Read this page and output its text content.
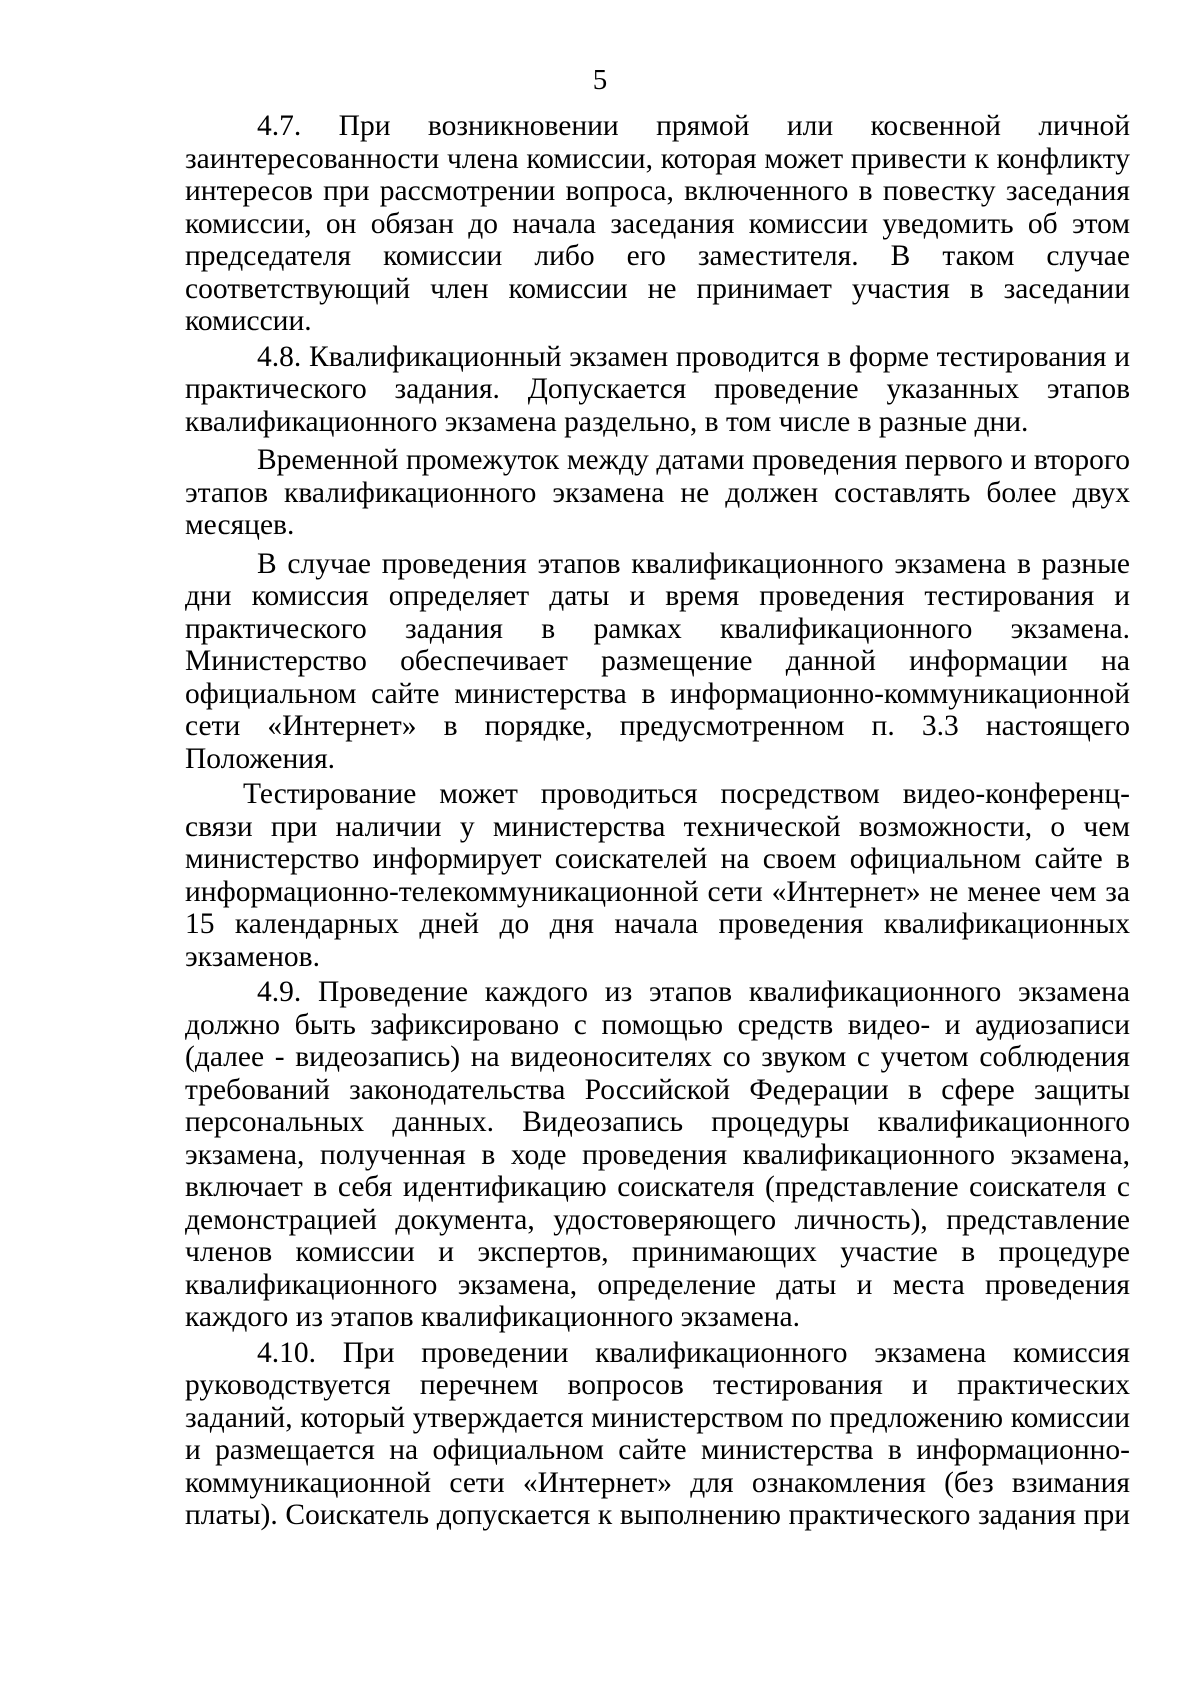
5

4.7. При возникновении прямой или косвенной личной заинтересованности члена комиссии, которая может привести к конфликту интересов при рассмотрении вопроса, включенного в повестку заседания комиссии, он обязан до начала заседания комиссии уведомить об этом председателя комиссии либо его заместителя. В таком случае соответствующий член комиссии не принимает участия в заседании комиссии.

4.8. Квалификационный экзамен проводится в форме тестирования и практического задания. Допускается проведение указанных этапов квалификационного экзамена раздельно, в том числе в разные дни.

Временной промежуток между датами проведения первого и второго этапов квалификационного экзамена не должен составлять более двух месяцев.

В случае проведения этапов квалификационного экзамена в разные дни комиссия определяет даты и время проведения тестирования и практического задания в рамках квалификационного экзамена. Министерство обеспечивает размещение данной информации на официальном сайте министерства в информационно-коммуникационной сети «Интернет» в порядке, предусмотренном п. 3.3 настоящего Положения.

Тестирование может проводиться посредством видео-конференц-связи при наличии у министерства технической возможности, о чем министерство информирует соискателей на своем официальном сайте в информационно-телекоммуникационной сети «Интернет» не менее чем за 15 календарных дней до дня начала проведения квалификационных экзаменов.

4.9. Проведение каждого из этапов квалификационного экзамена должно быть зафиксировано с помощью средств видео- и аудиозаписи (далее - видеозапись) на видеоносителях со звуком с учетом соблюдения требований законодательства Российской Федерации в сфере защиты персональных данных. Видеозапись процедуры квалификационного экзамена, полученная в ходе проведения квалификационного экзамена, включает в себя идентификацию соискателя (представление соискателя с демонстрацией документа, удостоверяющего личность), представление членов комиссии и экспертов, принимающих участие в процедуре квалификационного экзамена, определение даты и места проведения каждого из этапов квалификационного экзамена.

4.10. При проведении квалификационного экзамена комиссия руководствуется перечнем вопросов тестирования и практических заданий, который утверждается министерством по предложению комиссии и размещается на официальном сайте министерства в информационно-коммуникационной сети «Интернет» для ознакомления (без взимания платы). Соискатель допускается к выполнению практического задания при
